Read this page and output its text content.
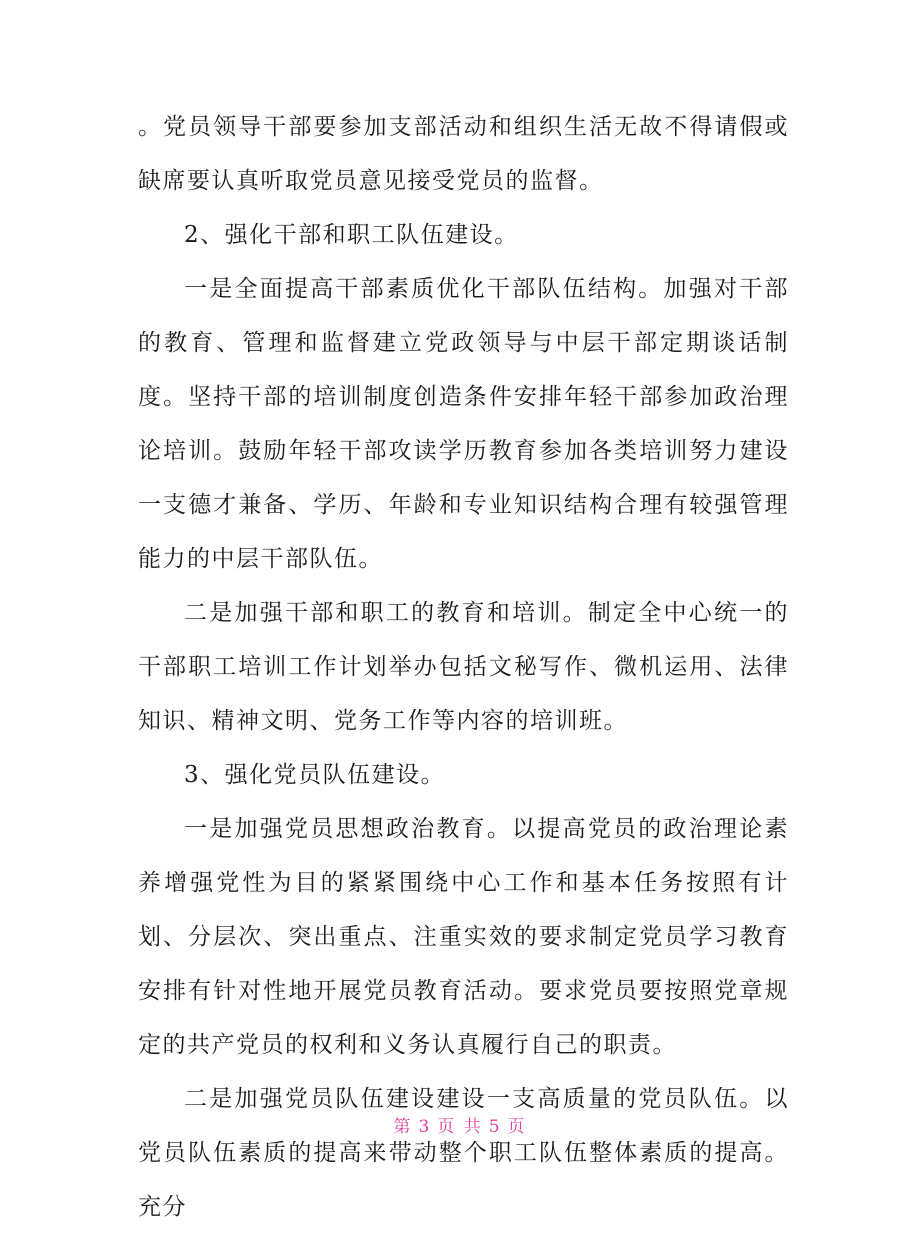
。党员领导干部要参加支部活动和组织生活无故不得请假或缺席要认真听取党员意见接受党员的监督。

2、强化干部和职工队伍建设。

一是全面提高干部素质优化干部队伍结构。加强对干部的教育、管理和监督建立党政领导与中层干部定期谈话制度。坚持干部的培训制度创造条件安排年轻干部参加政治理论培训。鼓励年轻干部攻读学历教育参加各类培训努力建设一支德才兼备、学历、年龄和专业知识结构合理有较强管理能力的中层干部队伍。

二是加强干部和职工的教育和培训。制定全中心统一的干部职工培训工作计划举办包括文秘写作、微机运用、法律知识、精神文明、党务工作等内容的培训班。

3、强化党员队伍建设。

一是加强党员思想政治教育。以提高党员的政治理论素养增强党性为目的紧紧围绕中心工作和基本任务按照有计划、分层次、突出重点、注重实效的要求制定党员学习教育安排有针对性地开展党员教育活动。要求党员要按照党章规定的共产党员的权利和义务认真履行自己的职责。

二是加强党员队伍建设建设一支高质量的党员队伍。以党员队伍素质的提高来带动整个职工队伍整体素质的提高。充分

第 3 页 共 5 页
